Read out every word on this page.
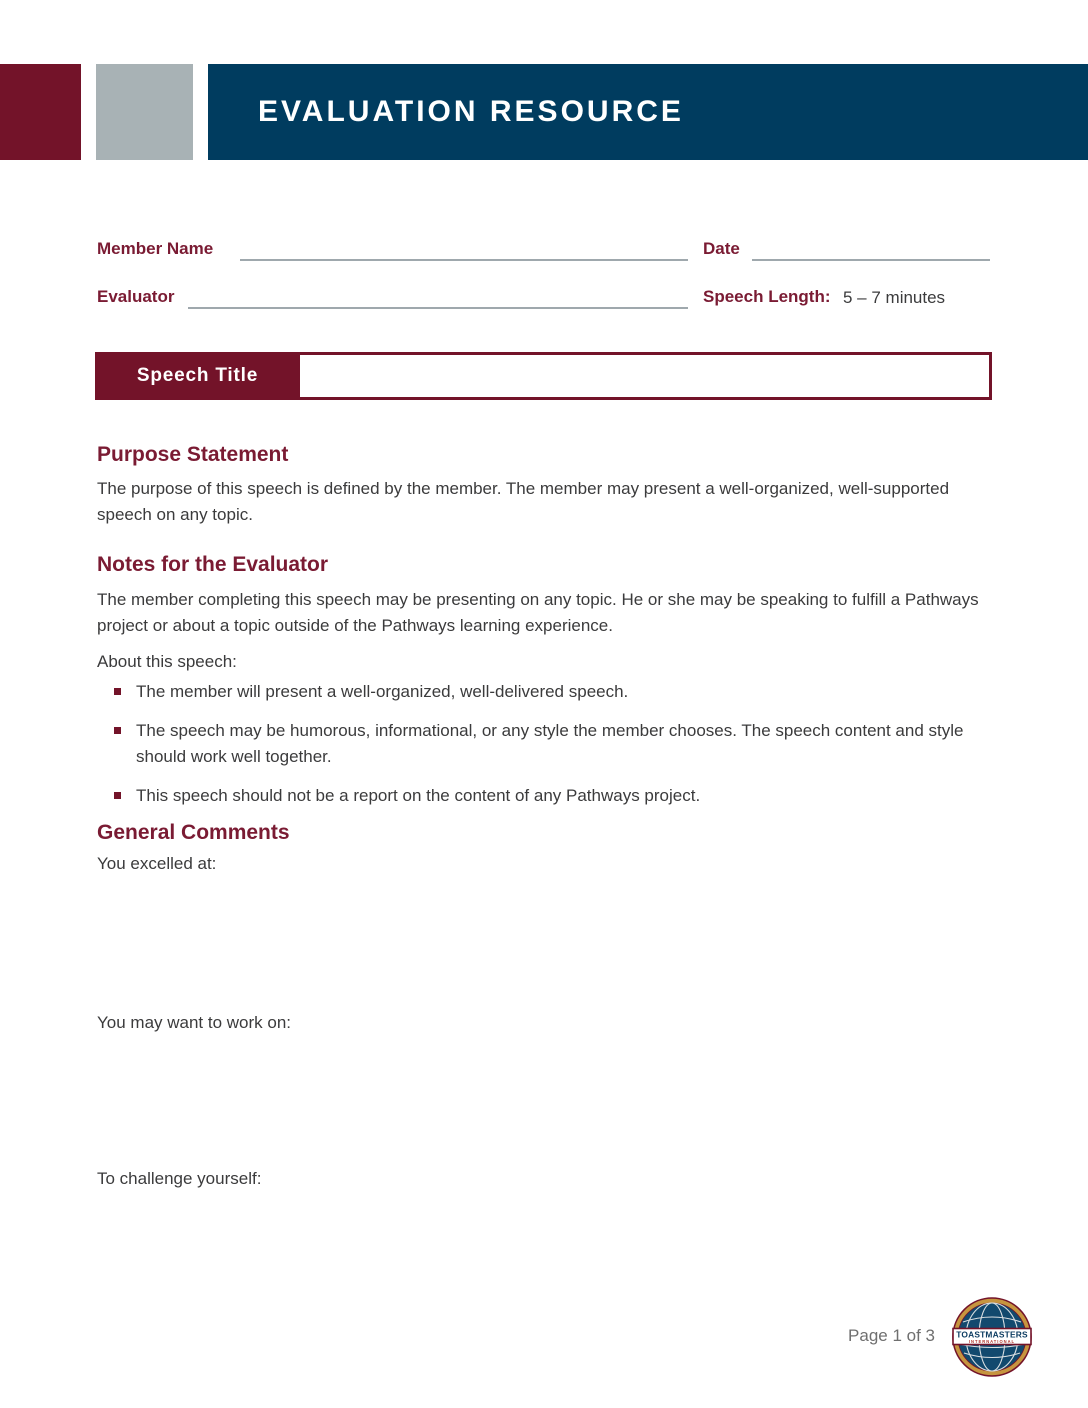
EVALUATION RESOURCE
Member Name	Date
Evaluator	Speech Length: 5 – 7 minutes
Speech Title
Purpose Statement

The purpose of this speech is defined by the member. The member may present a well-organized, well-supported speech on any topic.

Notes for the Evaluator

The member completing this speech may be presenting on any topic. He or she may be speaking to fulfill a Pathways project or about a topic outside of the Pathways learning experience.

About this speech:

The member will present a well-organized, well-delivered speech.
The speech may be humorous, informational, or any style the member chooses. The speech content and style should work well together.
This speech should not be a report on the content of any Pathways project.
General Comments
You excelled at:
You may want to work on:
To challenge yourself:
Page 1 of 3	TOASTMASTERS
INTERNATIONAL
